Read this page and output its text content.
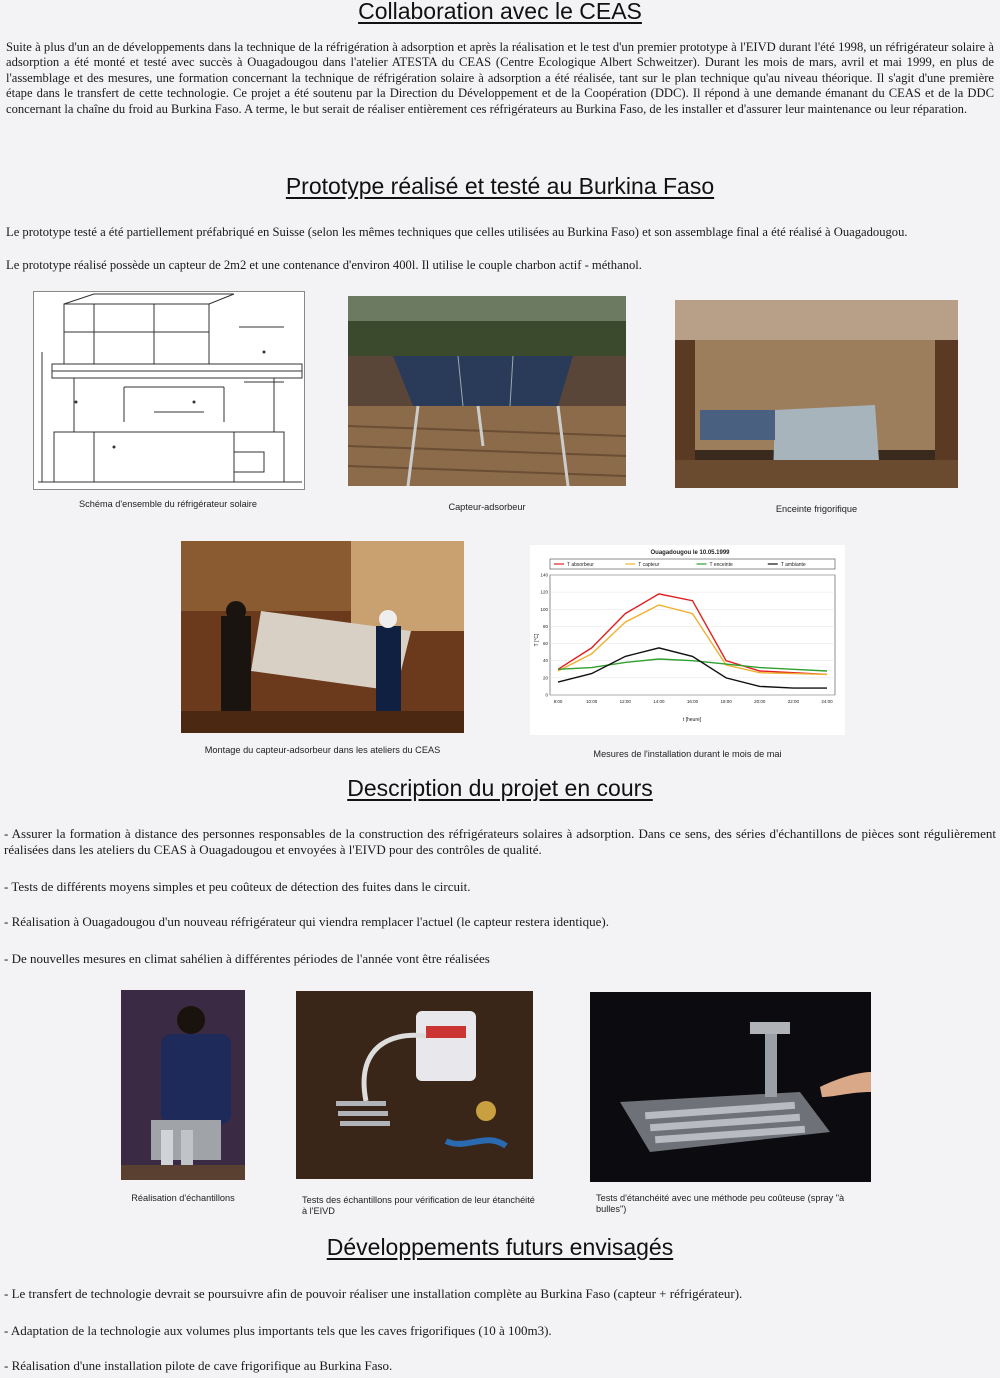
Collaboration avec le CEAS

Suite à plus d'un an de développements dans la technique de la réfrigération à adsorption et après la réalisation et le test d'un premier prototype à l'EIVD durant l'été 1998, un réfrigérateur solaire à adsorption a été monté et testé avec succès à Ouagadougou dans l'atelier ATESTA du CEAS (Centre Ecologique Albert Schweitzer). Durant les mois de mars, avril et mai 1999, en plus de l'assemblage et des mesures, une formation concernant la technique de réfrigération solaire à adsorption a été réalisée, tant sur le plan technique qu'au niveau théorique. Il s'agit d'une première étape dans le transfert de cette technologie. Ce projet a été soutenu par la Direction du Développement et de la Coopération (DDC). Il répond à une demande émanant du CEAS et de la DDC concernant la chaîne du froid au Burkina Faso. A terme, le but serait de réaliser entièrement ces réfrigérateurs au Burkina Faso, de les installer et d'assurer leur maintenance ou leur réparation.

Prototype réalisé et testé au Burkina Faso

Le prototype testé a été partiellement préfabriqué en Suisse (selon les mêmes techniques que celles utilisées au Burkina Faso) et son assemblage final a été réalisé à Ouagadougou.

Le prototype réalisé possède un capteur de 2m2 et une contenance d'environ 400l. Il utilise le couple charbon actif - méthanol.

Schéma d'ensemble du réfrigérateur solaire	Capteur-adsorbeur	Enceinte frigorifique

Montage du capteur-adsorbeur dans les ateliers du CEAS

Ouagadougou le 10.05.1999
T absorbeur	T capteur	T enceinte	T ambiante
8:00	10:00	12:00	14:00	16:00	18:00	20:00	22:00	24:00
0
20
40
60
80
100
120
140
T [°C]
t [heure]

Mesures de l'installation durant le mois de mai

Description du projet en cours

- Assurer la formation à distance des personnes responsables de la construction des réfrigérateurs solaires à adsorption. Dans ce sens, des séries d'échantillons de pièces sont régulièrement réalisées dans les ateliers du CEAS à Ouagadougou et envoyées à l'EIVD pour des contrôles de qualité.

- Tests de différents moyens simples et peu coûteux de détection des fuites dans le circuit.

- Réalisation à Ouagadougou d'un nouveau réfrigérateur qui viendra remplacer l'actuel (le capteur restera identique).

- De nouvelles mesures en climat sahélien à différentes périodes de l'année vont être réalisées

Réalisation d'échantillons	Tests des échantillons pour vérification de leur étanchéité à l'EIVD

Tests d'étanchéité avec une méthode peu coûteuse (spray "à bulles")

Développements futurs envisagés

- Le transfert de technologie devrait se poursuivre afin de pouvoir réaliser une installation complète au Burkina Faso (capteur + réfrigérateur).

- Adaptation de la technologie aux volumes plus importants tels que les caves frigorifiques (10 à 100m3).

- Réalisation d'une installation pilote de cave frigorifique au Burkina Faso.
